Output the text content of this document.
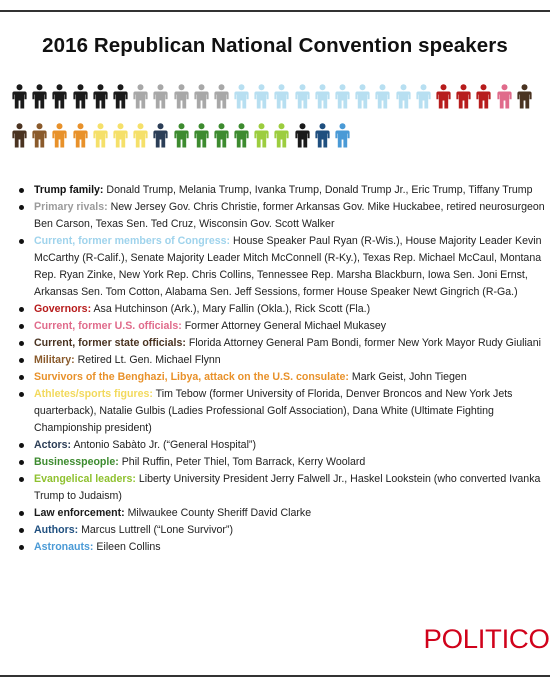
2016 Republican National Convention speakers
Trump family: Donald Trump, Melania Trump, Ivanka Trump, Donald Trump Jr., Eric Trump, Tiffany Trump
Primary rivals: New Jersey Gov. Chris Christie, former Arkansas Gov. Mike Huckabee, retired neurosurgeon Ben Carson, Texas Sen. Ted Cruz, Wisconsin Gov. Scott Walker
Current, former members of Congress: House Speaker Paul Ryan (R-Wis.), House Majority Leader Kevin McCarthy (R-Calif.), Senate Majority Leader Mitch McConnell (R-Ky.), Texas Rep. Michael McCaul, Montana Rep. Ryan Zinke, New York Rep. Chris Collins, Tennessee Rep. Marsha Blackburn, Iowa Sen. Joni Ernst, Arkansas Sen. Tom Cotton, Alabama Sen. Jeff Sessions, former House Speaker Newt Gingrich (R-Ga.)
Governors: Asa Hutchinson (Ark.), Mary Fallin (Okla.), Rick Scott (Fla.)
Current, former U.S. officials: Former Attorney General Michael Mukasey
Current, former state officials: Florida Attorney General Pam Bondi, former New York Mayor Rudy Giuliani
Military: Retired Lt. Gen. Michael Flynn
Survivors of the Benghazi, Libya, attack on the U.S. consulate: Mark Geist, John Tiegen
Athletes/sports figures: Tim Tebow (former University of Florida, Denver Broncos and New York Jets quarterback), Natalie Gulbis (Ladies Professional Golf Association), Dana White (Ultimate Fighting Championship president)
Actors: Antonio Sabàto Jr. (“General Hospital”)
Businesspeople: Phil Ruffin, Peter Thiel, Tom Barrack, Kerry Woolard
Evangelical leaders: Liberty University President Jerry Falwell Jr., Haskel Lookstein (who converted Ivanka Trump to Judaism)
Law enforcement: Milwaukee County Sheriff David Clarke
Authors: Marcus Luttrell (“Lone Survivor”)
Astronauts: Eileen Collins
POLITICO
